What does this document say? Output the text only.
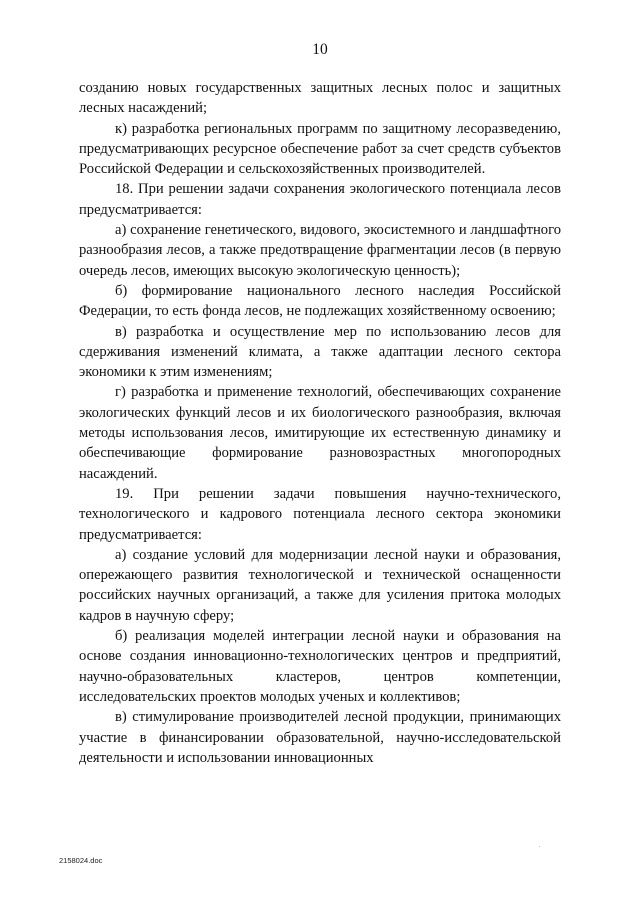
10

созданию новых государственных защитных лесных полос и защитных лесных насаждений;

к) разработка региональных программ по защитному лесоразведению, предусматривающих ресурсное обеспечение работ за счет средств субъектов Российской Федерации и сельскохозяйственных производителей.

18. При решении задачи сохранения экологического потенциала лесов предусматривается:

а) сохранение генетического, видового, экосистемного и ландшафтного разнообразия лесов, а также предотвращение фрагментации лесов (в первую очередь лесов, имеющих высокую экологическую ценность);

б) формирование национального лесного наследия Российской Федерации, то есть фонда лесов, не подлежащих хозяйственному освоению;

в) разработка и осуществление мер по использованию лесов для сдерживания изменений климата, а также адаптации лесного сектора экономики к этим изменениям;

г) разработка и применение технологий, обеспечивающих сохранение экологических функций лесов и их биологического разнообразия, включая методы использования лесов, имитирующие их естественную динамику и обеспечивающие формирование разновозрастных многопородных насаждений.

19. При решении задачи повышения научно-технического, технологического и кадрового потенциала лесного сектора экономики предусматривается:

а) создание условий для модернизации лесной науки и образования, опережающего развития технологической и технической оснащенности российских научных организаций, а также для усиления притока молодых кадров в научную сферу;

б) реализация моделей интеграции лесной науки и образования на основе создания инновационно-технологических центров и предприятий, научно-образовательных кластеров, центров компетенции, исследовательских проектов молодых ученых и коллективов;

в) стимулирование производителей лесной продукции, принимающих участие в финансировании образовательной, научно-исследовательской деятельности и использовании инновационных

2158024.doc
